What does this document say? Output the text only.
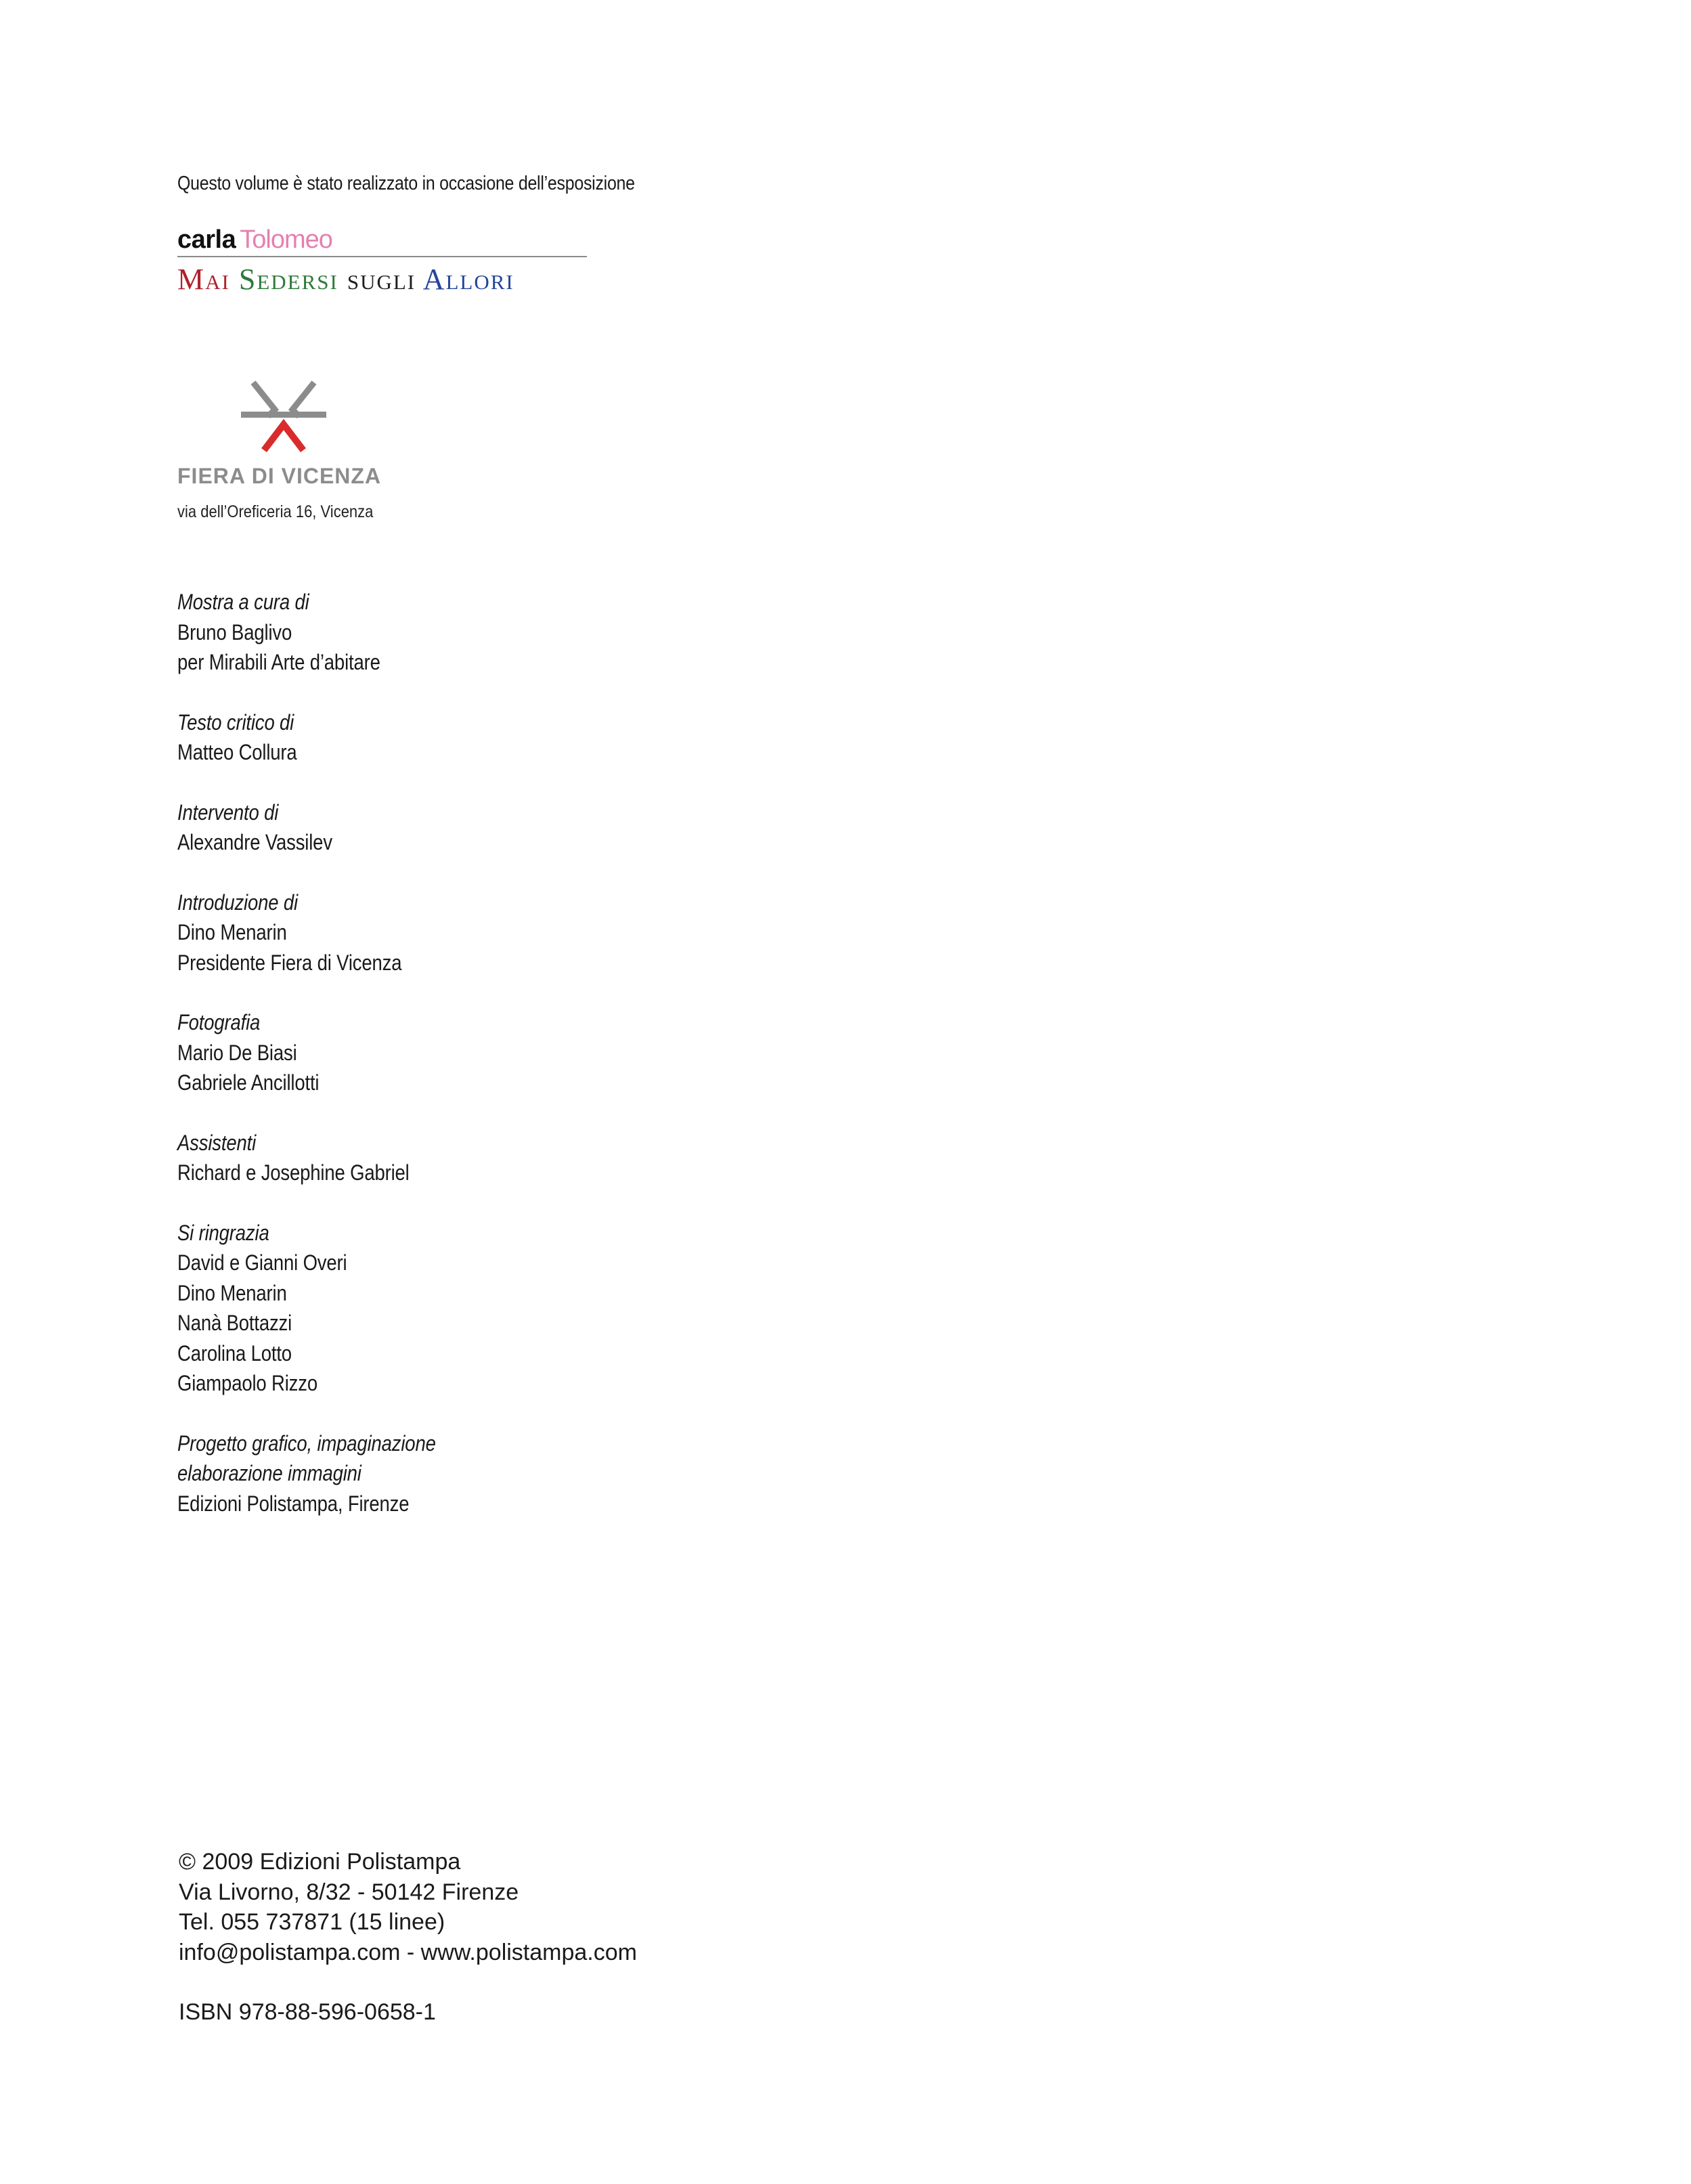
Questo volume è stato realizzato in occasione dell’esposizione
carla Tolomeo
Mai Sedersi sugli Allori
FIERA DI VICENZA
via dell’Oreficeria 16, Vicenza
Mostra a cura di
Bruno Baglivo
per Mirabili Arte d’abitare
Testo critico di
Matteo Collura
Intervento di
Alexandre Vassilev
Introduzione di
Dino Menarin
Presidente Fiera di Vicenza
Fotografia
Mario De Biasi
Gabriele Ancillotti
Assistenti
Richard e Josephine Gabriel
Si ringrazia
David e Gianni Overi
Dino Menarin
Nanà Bottazzi
Carolina Lotto
Giampaolo Rizzo
Progetto grafico, impaginazione
elaborazione immagini
Edizioni Polistampa, Firenze
© 2009 Edizioni Polistampa
Via Livorno, 8/32 - 50142 Firenze
Tel. 055 737871 (15 linee)
info@polistampa.com - www.polistampa.com
ISBN 978-88-596-0658-1
